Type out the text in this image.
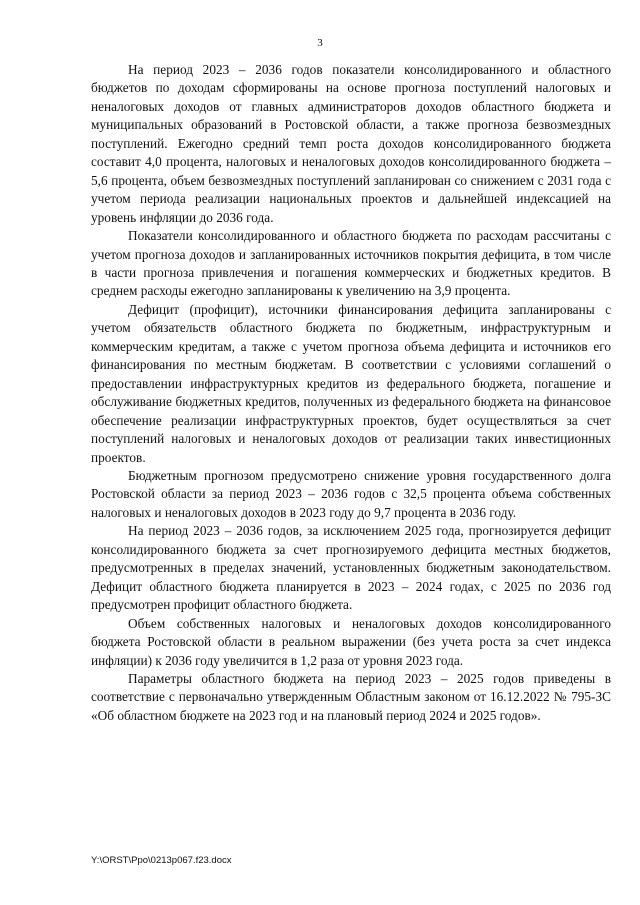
3

На период 2023 – 2036 годов показатели консолидированного и областного бюджетов по доходам сформированы на основе прогноза поступлений налоговых и неналоговых доходов от главных администраторов доходов областного бюджета и муниципальных образований в Ростовской области, а также прогноза безвозмездных поступлений. Ежегодно средний темп роста доходов консолидированного бюджета составит 4,0 процента, налоговых и неналоговых доходов консолидированного бюджета – 5,6 процента, объем безвозмездных поступлений запланирован со снижением с 2031 года с учетом периода реализации национальных проектов и дальнейшей индексацией на уровень инфляции до 2036 года.

Показатели консолидированного и областного бюджета по расходам рассчитаны с учетом прогноза доходов и запланированных источников покрытия дефицита, в том числе в части прогноза привлечения и погашения коммерческих и бюджетных кредитов. В среднем расходы ежегодно запланированы к увеличению на 3,9 процента.

Дефицит (профицит), источники финансирования дефицита запланированы с учетом обязательств областного бюджета по бюджетным, инфраструктурным и коммерческим кредитам, а также с учетом прогноза объема дефицита и источников его финансирования по местным бюджетам. В соответствии с условиями соглашений о предоставлении инфраструктурных кредитов из федерального бюджета, погашение и обслуживание бюджетных кредитов, полученных из федерального бюджета на финансовое обеспечение реализации инфраструктурных проектов, будет осуществляться за счет поступлений налоговых и неналоговых доходов от реализации таких инвестиционных проектов.

Бюджетным прогнозом предусмотрено снижение уровня государственного долга Ростовской области за период 2023 – 2036 годов с 32,5 процента объема собственных налоговых и неналоговых доходов в 2023 году до 9,7 процента в 2036 году.

На период 2023 – 2036 годов, за исключением 2025 года, прогнозируется дефицит консолидированного бюджета за счет прогнозируемого дефицита местных бюджетов, предусмотренных в пределах значений, установленных бюджетным законодательством. Дефицит областного бюджета планируется в 2023 – 2024 годах, с 2025 по 2036 год предусмотрен профицит областного бюджета.

Объем собственных налоговых и неналоговых доходов консолидированного бюджета Ростовской области в реальном выражении (без учета роста за счет индекса инфляции) к 2036 году увеличится в 1,2 раза от уровня 2023 года.

Параметры областного бюджета на период 2023 – 2025 годов приведены в соответствие с первоначально утвержденным Областным законом от 16.12.2022 № 795-ЗС «Об областном бюджете на 2023 год и на плановый период 2024 и 2025 годов».

Y:\ORST\Ppo\0213p067.f23.docx
